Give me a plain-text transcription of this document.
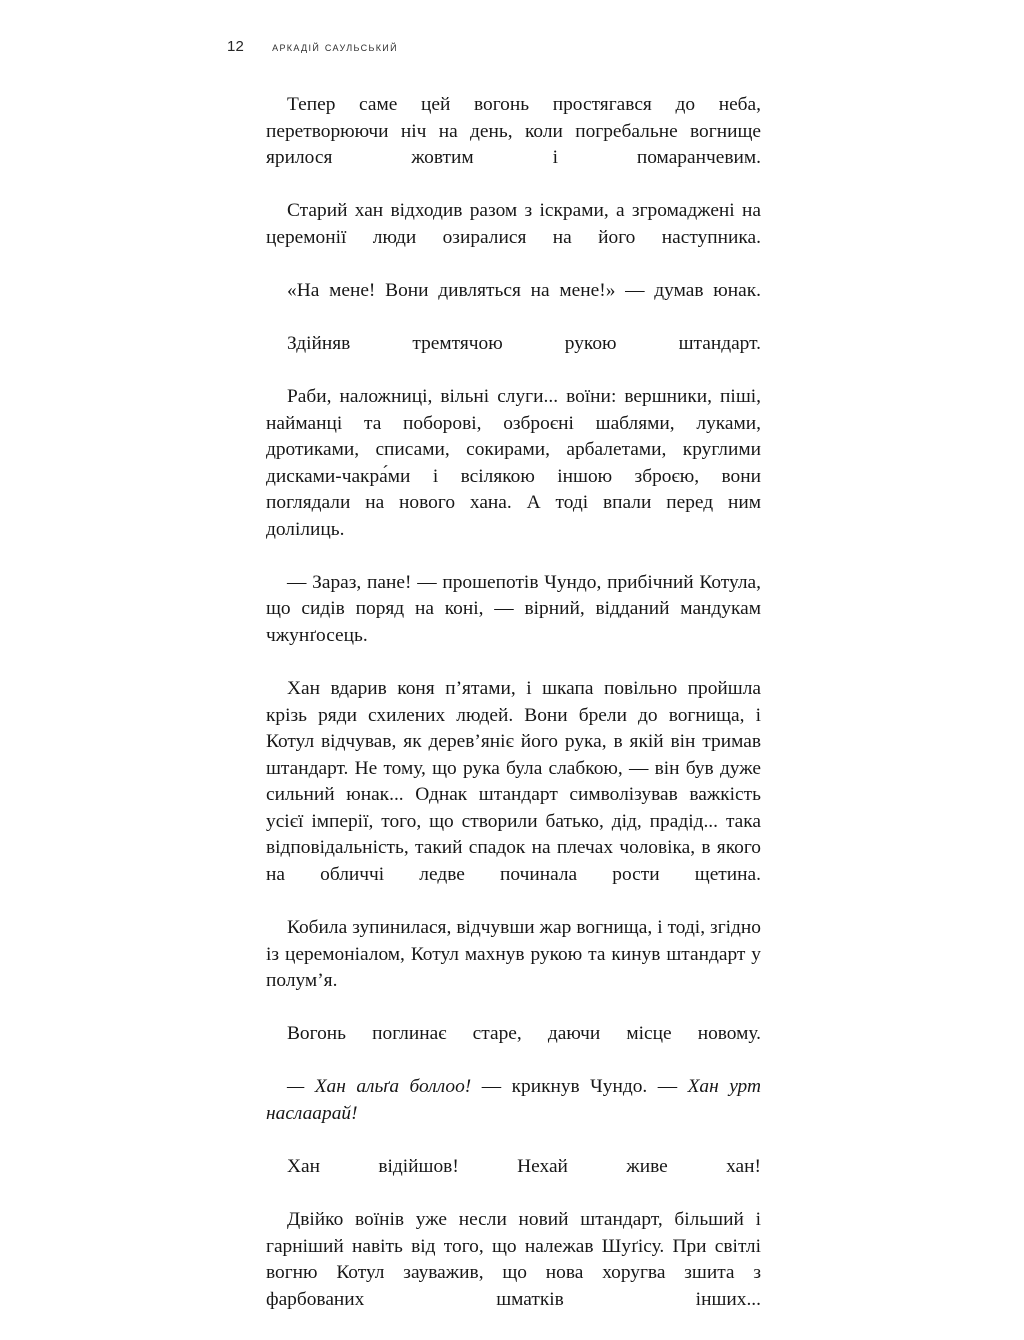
12 аркадій саульський

Тепер саме цей вогонь простягався до неба, перетворюючи ніч на день, коли погребальне вогнище ярилося жовтим і помаранчевим.

Старий хан відходив разом з іскрами, а згромаджені на церемонії люди озиралися на його наступника.

«На мене! Вони дивляться на мене!» — думав юнак.

Здійняв тремтячою рукою штандарт.

Раби, наложниці, вільні слуги... воїни: вершники, піші, найманці та поборові, озброєні шаблями, луками, дротиками, списами, сокирами, арбалетами, круглими дисками-чакра́ми і всілякою іншою зброєю, вони поглядали на нового хана. А тоді впали перед ним долілиць.

— Зараз, пане! — прошепотів Чундо, прибічний Котула, що сидів поряд на коні, — вірний, відданий мандукам чжунґосець.

Хан вдарив коня п’ятами, і шкапа повільно пройшла крізь ряди схилених людей. Вони брели до вогнища, і Котул відчував, як дерев’яніє його рука, в якій він тримав штандарт. Не тому, що рука була слабкою, — він був дуже сильний юнак... Однак штандарт символізував важкість усієї імперії, того, що створили батько, дід, прадід... така відповідальність, такий спадок на плечах чоловіка, в якого на обличчі ледве починала рости щетина.

Кобила зупинилася, відчувши жар вогнища, і тоді, згідно із церемоніалом, Котул махнув рукою та кинув штандарт у полум’я.

Вогонь поглинає старе, даючи місце новому.

— Хан альґа боллоо! — крикнув Чундо. — Хан урт наслаарай!

Хан відійшов! Нехай живе хан!

Двійко воїнів уже несли новий штандарт, більший і гарніший навіть від того, що належав Шуґісу. При світлі вогню Котул зауважив, що нова хоругва зшита з фарбованих шматків інших...
